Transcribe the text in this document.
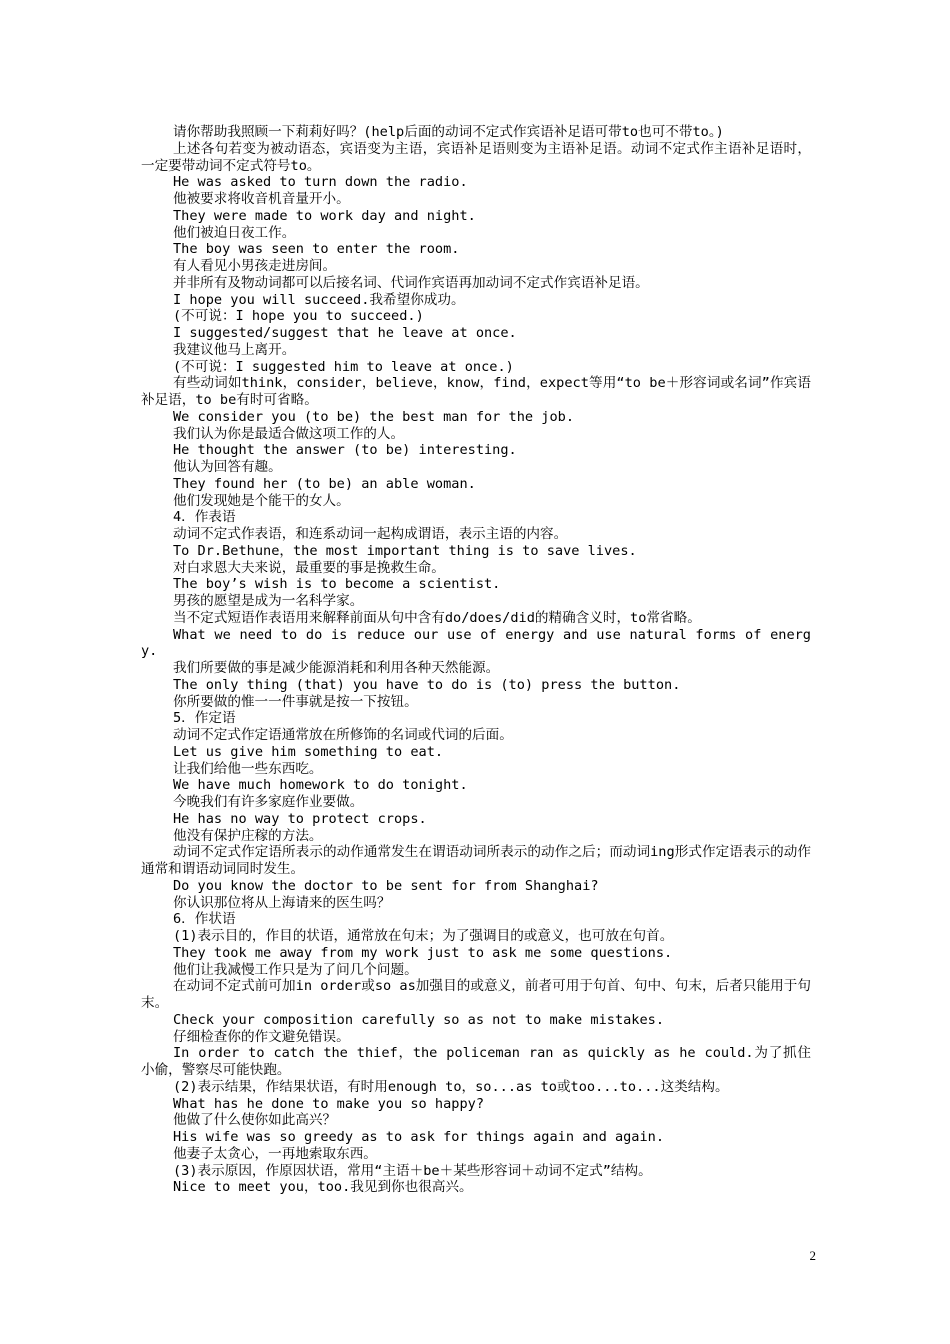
请你帮助我照顾一下莉莉好吗？(help后面的动词不定式作宾语补足语可带to也可不带to。)

上述各句若变为被动语态，宾语变为主语，宾语补足语则变为主语补足语。动词不定式作主语补足语时，一定要带动词不定式符号to。

He was asked to turn down the radio.

他被要求将收音机音量开小。

They were made to work day and night.

他们被迫日夜工作。

The boy was seen to enter the room.

有人看见小男孩走进房间。

并非所有及物动词都可以后接名词、代词作宾语再加动词不定式作宾语补足语。

I hope you will succeed.我希望你成功。

(不可说：I hope you to succeed.)

I suggested/suggest that he leave at once.

我建议他马上离开。

(不可说：I suggested him to leave at once.)

有些动词如think，consider，believe，know，find，expect等用“to be＋形容词或名词”作宾语补足语，to be有时可省略。

We consider you (to be) the best man for the job.

我们认为你是最适合做这项工作的人。

He thought the answer (to be) interesting.

他认为回答有趣。

They found her (to be) an able woman.

他们发现她是个能干的女人。

4．作表语

动词不定式作表语，和连系动词一起构成谓语，表示主语的内容。

To Dr.Bethune，the most important thing is to save lives.

对白求恩大夫来说，最重要的事是挽救生命。

The boy’s wish is to become a scientist.

男孩的愿望是成为一名科学家。

当不定式短语作表语用来解释前面从句中含有do/does/did的精确含义时，to常省略。

What we need to do is reduce our use of energy and use natural forms of energy.

我们所要做的事是减少能源消耗和利用各种天然能源。

The only thing (that) you have to do is (to) press the button.

你所要做的惟一一件事就是按一下按钮。

5．作定语

动词不定式作定语通常放在所修饰的名词或代词的后面。

Let us give him something to eat.

让我们给他一些东西吃。

We have much homework to do tonight.

今晚我们有许多家庭作业要做。

He has no way to protect crops.

他没有保护庄稼的方法。

动词不定式作定语所表示的动作通常发生在谓语动词所表示的动作之后；而动词ing形式作定语表示的动作通常和谓语动词同时发生。

Do you know the doctor to be sent for from Shanghai?

你认识那位将从上海请来的医生吗？

6．作状语

(1)表示目的，作目的状语，通常放在句末；为了强调目的或意义，也可放在句首。

They took me away from my work just to ask me some questions.

他们让我减慢工作只是为了问几个问题。

在动词不定式前可加in order或so as加强目的或意义，前者可用于句首、句中、句末，后者只能用于句末。

Check your composition carefully so as not to make mistakes.

仔细检查你的作文避免错误。

In order to catch the thief，the policeman ran as quickly as he could.为了抓住小偷，警察尽可能快跑。

(2)表示结果，作结果状语，有时用enough to，so...as to或too...to...这类结构。

What has he done to make you so happy?

他做了什么使你如此高兴？

His wife was so greedy as to ask for things again and again.

他妻子太贪心，一再地索取东西。

(3)表示原因，作原因状语，常用“主语＋be＋某些形容词＋动词不定式”结构。

Nice to meet you，too.我见到你也很高兴。

2
